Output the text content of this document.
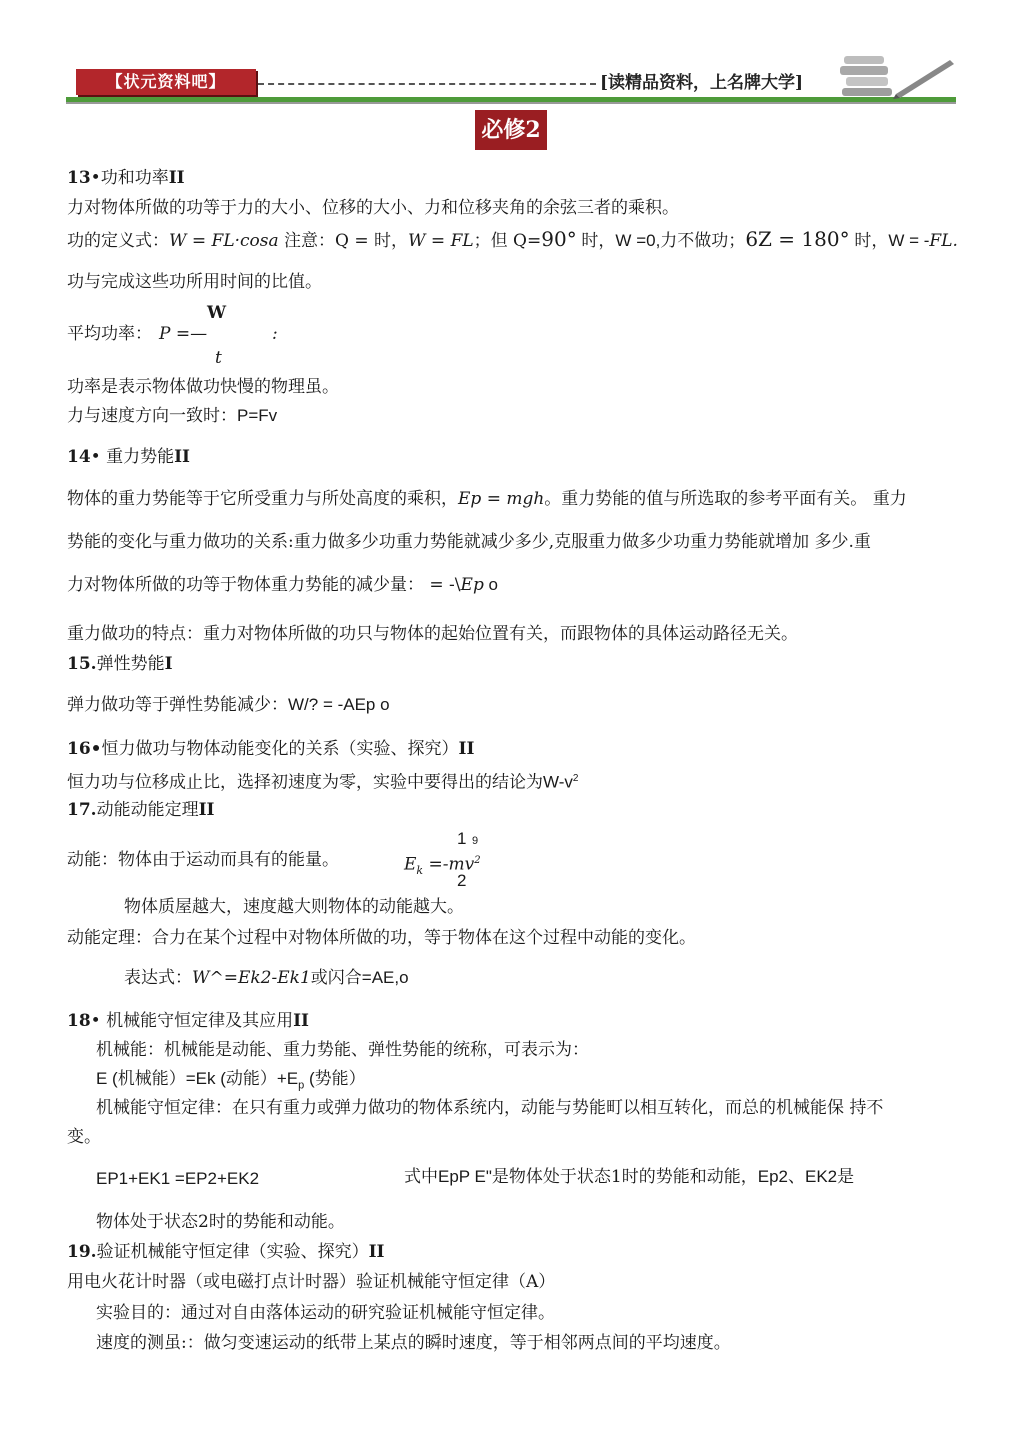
【状元资料吧】	[读精品资料，上名牌大学]
必修2
13•功和功率II
力对物体所做的功等于力的大小、位移的大小、力和位移夹角的余弦三者的乘积。
功的定义式：W = FL·cosa 注意：Q = 时，W = FL；但 Q=90° 时，W =0,力不做功；6Z = 180° 时，W = -FL.
功与完成这些功所用时间的比值。
平均功率： P =—
W
t
:
功率是表示物体做功快慢的物理虽。
力与速度方向一致时：P=Fv
14• 重力势能II
物体的重力势能等于它所受重力与所处高度的乘积，Ep = mgh。重力势能的值与所选取的参考平面有关。 重力
势能的变化与重力做功的关系:重力做多少功重力势能就减少多少,克服重力做多少功重力势能就增加 多少.重
力对物体所做的功等于物体重力势能的减少量： = -\Ep o
重力做功的特点：重力对物体所做的功只与物体的起始位置有关，而跟物体的具体运动路径无关。
15.弹性势能I
弹力做功等于弹性势能减少：W/? = -AEp o
16•恒力做功与物体动能变化的关系（实验、探究）II
恒力功与位移成止比，选择初速度为零，实验中要得出的结论为$W-v^2$
17.动能动能定理II
动能：物体由于运动而具有的能量。
1 9
$E_k =-mv^2$
2
物体质屋越大，速度越大则物体的动能越大。
动能定理：合力在某个过程中对物体所做的功，等于物体在这个过程中动能的变化。
表达式：W^=Ek2-Ek1或闪合=AE,o
18• 机械能守恒定律及其应用II
机械能：机械能是动能、重力势能、弹性势能的统称，可表示为：
E (机械能）=Ek (动能）$+E_p$ (势能）
机械能守恒定律：在只有重力或弹力做功的物体系统内，动能与势能町以相互转化，而总的机械能保 持不
变。
EP1+EK1 =EP2+EK2	式中EpP E"是物体处于状态1时的势能和动能，Ep2、EK2是
物体处于状态2时的势能和动能。
19.验证机械能守恒定律（实验、探究）II
用电火花计时器（或电磁打点计时器）验证机械能守恒定律（A）
实验目的：通过对自由落体运动的研究验证机械能守恒定律。
速度的测虽:：做匀变速运动的纸带上某点的瞬时速度，等于相邻两点间的平均速度。
